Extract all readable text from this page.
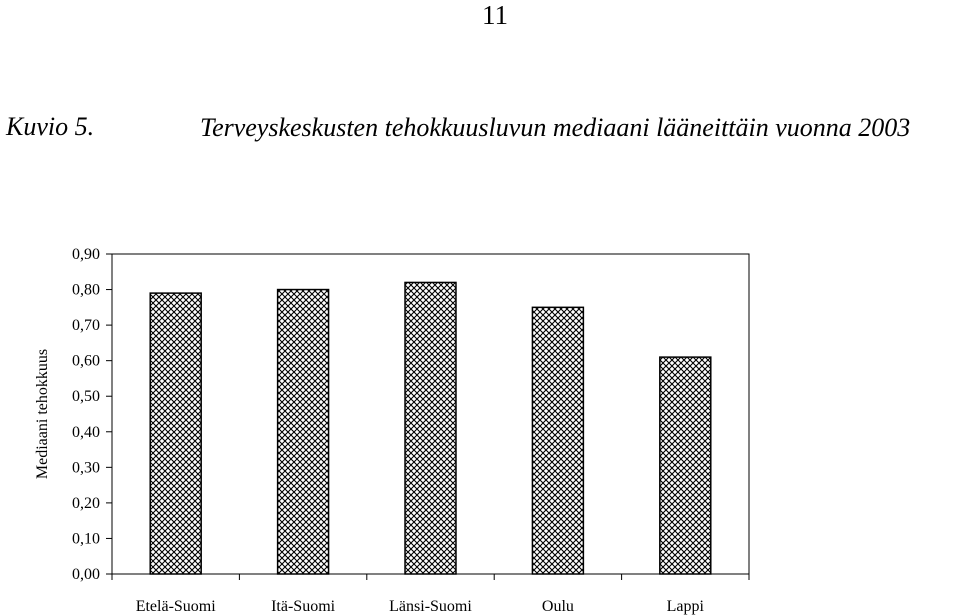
11
Kuvio 5.	Terveyskeskusten tehokkuusluvun mediaani lääneittäin vuonna 2003
0,00
0,10
0,20
0,30
0,40
0,50
0,60
0,70
0,80
0,90
Etelä-Suomi	Itä-Suomi	Länsi-Suomi	Oulu	Lappi
Mediaani tehokkuus
